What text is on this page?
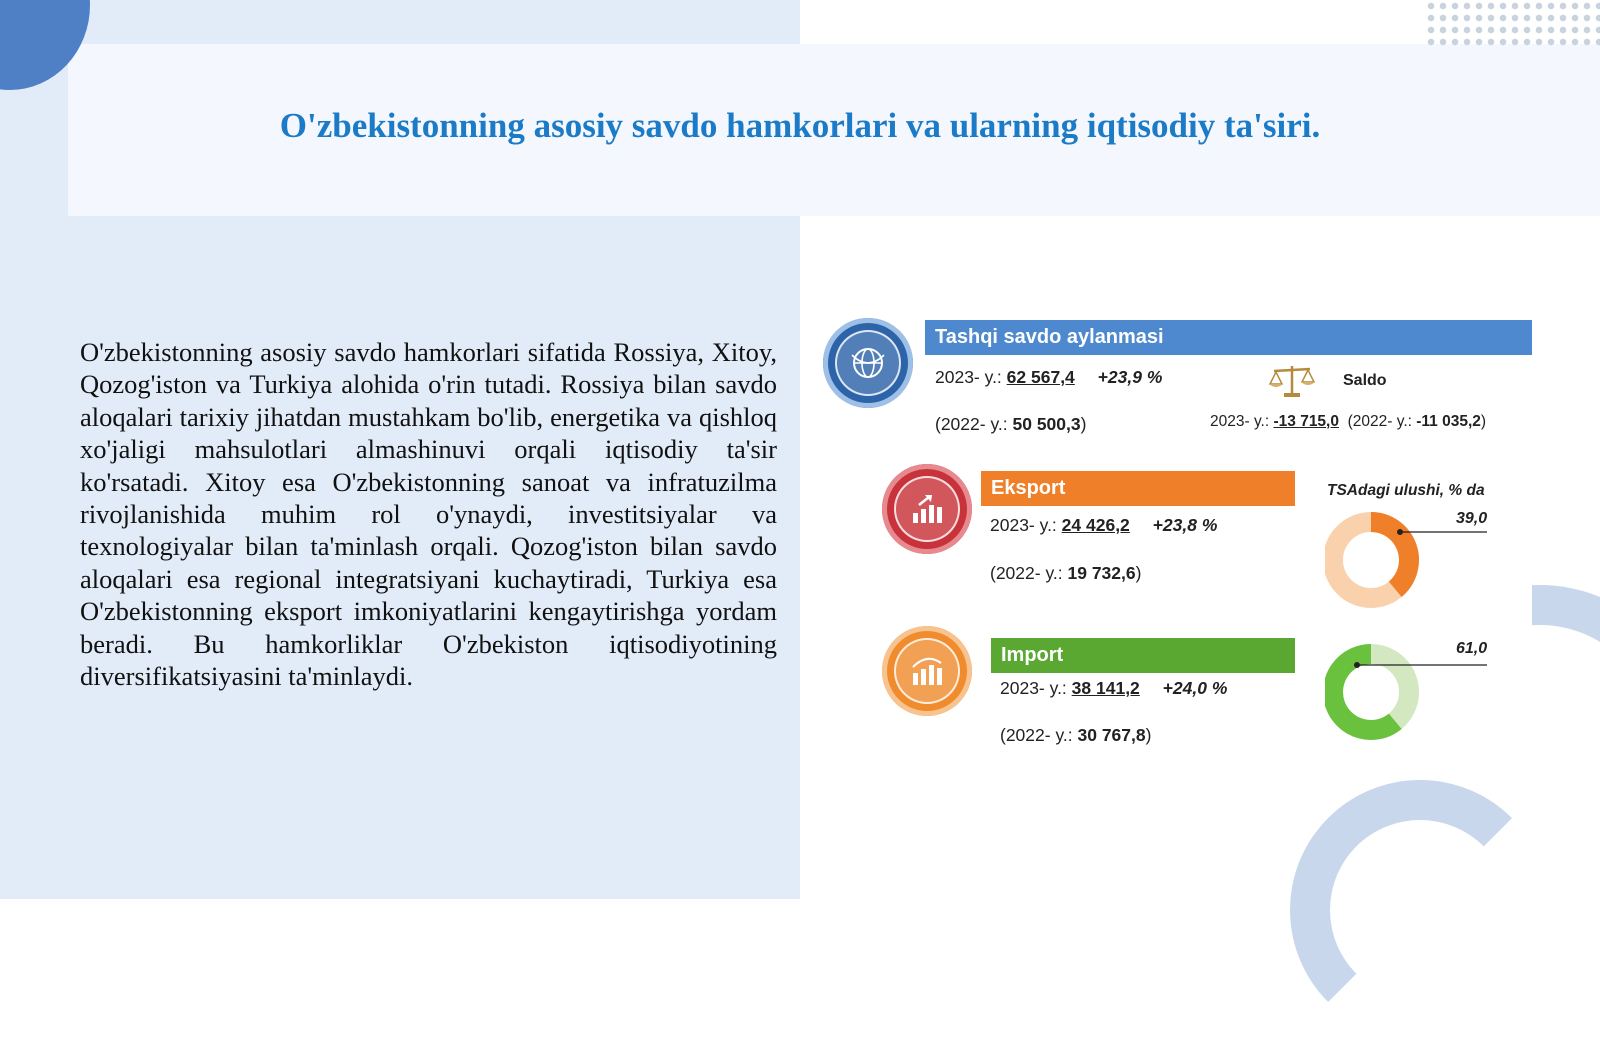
O'zbekistonning asosiy savdo hamkorlari va ularning iqtisodiy ta'siri.

O'zbekistonning asosiy savdo hamkorlari sifatida Rossiya, Xitoy, Qozog'iston va Turkiya alohida o'rin tutadi. Rossiya bilan savdo aloqalari tarixiy jihatdan mustahkam bo'lib, energetika va qishloq xo'jaligi mahsulotlari almashinuvi orqali iqtisodiy ta'sir ko'rsatadi. Xitoy esa O'zbekistonning sanoat va infratuzilma rivojlanishida muhim rol o'ynaydi, investitsiyalar va texnologiyalar bilan ta'minlash orqali. Qozog'iston bilan savdo aloqalari esa regional integratsiyani kuchaytiradi, Turkiya esa O'zbekistonning eksport imkoniyatlarini kengaytirishga yordam beradi. Bu hamkorliklar O'zbekiston iqtisodiyotining diversifikatsiyasini ta'minlaydi.

Tashqi savdo aylanmasi
2023- y.: 62 567,4 +23,9 %
(2022- y.: 50 500,3)
Saldo
2023- y.: -13 715,0 (2022- y.: -11 035,2)
Eksport
2023- y.: 24 426,2 +23,8 %
(2022- y.: 19 732,6)
Import
2023- y.: 38 141,2 +24,0 %
(2022- y.: 30 767,8)
TSAdagi ulushi, % da
39,0
61,0
